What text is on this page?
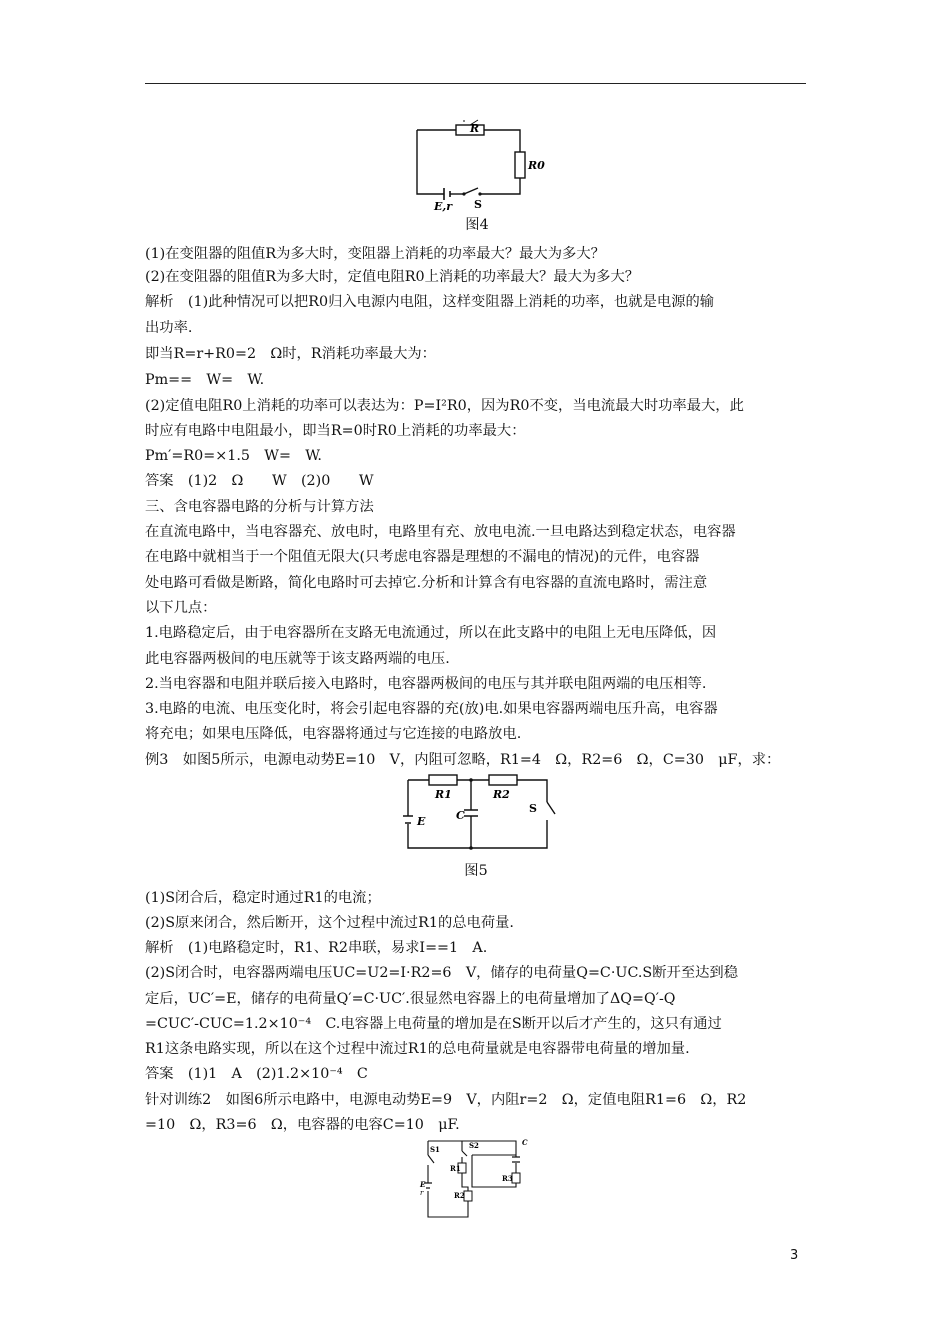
R
R0
E,r S
图4
R1	R2
C
E
S
图5
S1	S2
R1
R2
R3
E
r
C
(1)在变阻器的阻值R为多大时，变阻器上消耗的功率最大？最大为多大？
(2)在变阻器的阻值R为多大时，定值电阻R0上消耗的功率最大？最大为多大？
解析　(1)此种情况可以把R0归入电源内电阻，这样变阻器上消耗的功率，也就是电源的输
出功率.
即当R=r+R0=2　Ω时，R消耗功率最大为：
Pm==　W=　W.
(2)定值电阻R0上消耗的功率可以表达为：P=I²R0，因为R0不变，当电流最大时功率最大，此
时应有电路中电阻最小，即当R=0时R0上消耗的功率最大：
Pm′=R0=×1.5　W=　W.
答案　(1)2　Ω　　W　(2)0　　W
三、含电容器电路的分析与计算方法
在直流电路中，当电容器充、放电时，电路里有充、放电电流.一旦电路达到稳定状态，电容器
在电路中就相当于一个阻值无限大(只考虑电容器是理想的不漏电的情况)的元件，电容器
处电路可看做是断路，简化电路时可去掉它.分析和计算含有电容器的直流电路时，需注意
以下几点：
1.电路稳定后，由于电容器所在支路无电流通过，所以在此支路中的电阻上无电压降低，因
此电容器两极间的电压就等于该支路两端的电压.
2.当电容器和电阻并联后接入电路时，电容器两极间的电压与其并联电阻两端的电压相等.
3.电路的电流、电压变化时，将会引起电容器的充(放)电.如果电容器两端电压升高，电容器
将充电；如果电压降低，电容器将通过与它连接的电路放电.
例3　如图5所示，电源电动势E=10　V，内阻可忽略，R1=4　Ω，R2=6　Ω，C=30　μF，求：
(1)S闭合后，稳定时通过R1的电流；
(2)S原来闭合，然后断开，这个过程中流过R1的总电荷量.
解析　(1)电路稳定时，R1、R2串联，易求I==1　A.
(2)S闭合时，电容器两端电压UC=U2=I·R2=6　V，储存的电荷量Q=C·UC.S断开至达到稳
定后，UC′=E，储存的电荷量Q′=C·UC′.很显然电容器上的电荷量增加了ΔQ=Q′-Q
=CUC′-CUC=1.2×10⁻⁴　C.电容器上电荷量的增加是在S断开以后才产生的，这只有通过
R1这条电路实现，所以在这个过程中流过R1的总电荷量就是电容器带电荷量的增加量.
答案　(1)1　A　(2)1.2×10⁻⁴　C
针对训练2　如图6所示电路中，电源电动势E=9　V，内阻r=2　Ω，定值电阻R1=6　Ω，R2
=10　Ω，R3=6　Ω，电容器的电容C=10　μF.
3
